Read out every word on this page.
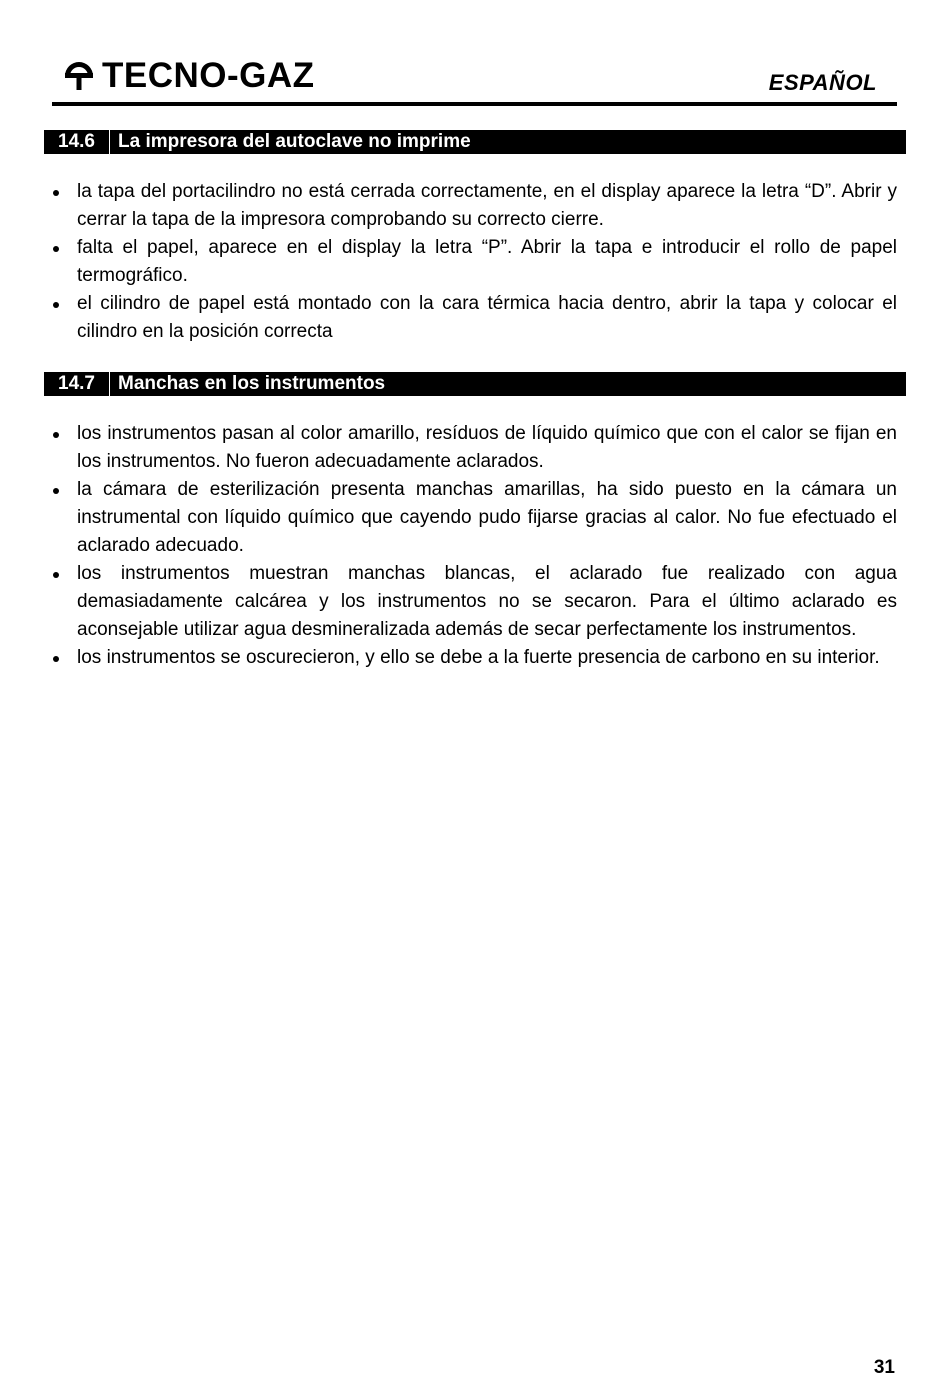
TECNO-GAZ	ESPAÑOL
14.6	La impresora del autoclave no imprime
la tapa del portacilindro no está cerrada correctamente, en el display aparece la letra “D”. Abrir y cerrar la tapa de la impresora comprobando su correcto cierre.
falta el papel, aparece en el display la letra “P”. Abrir la tapa e introducir el rollo de papel termográfico.
el cilindro de papel está montado con la cara térmica hacia dentro, abrir la tapa y colocar el cilindro en la posición correcta
14.7	Manchas en los instrumentos
los instrumentos pasan al color amarillo, resíduos de líquido químico que con el calor se fijan en los instrumentos. No fueron adecuadamente aclarados.
la cámara de esterilización presenta manchas amarillas, ha sido puesto en la cámara un instrumental con líquido químico que cayendo pudo fijarse gracias al calor. No fue efectuado el aclarado adecuado.
los instrumentos muestran manchas blancas, el aclarado fue realizado con agua demasiadamente calcárea y los instrumentos no se secaron. Para el último aclarado es aconsejable utilizar agua desmineralizada además de secar perfectamente los instrumentos.
los instrumentos se oscurecieron, y ello se debe a la fuerte presencia de carbono en su interior.
31
